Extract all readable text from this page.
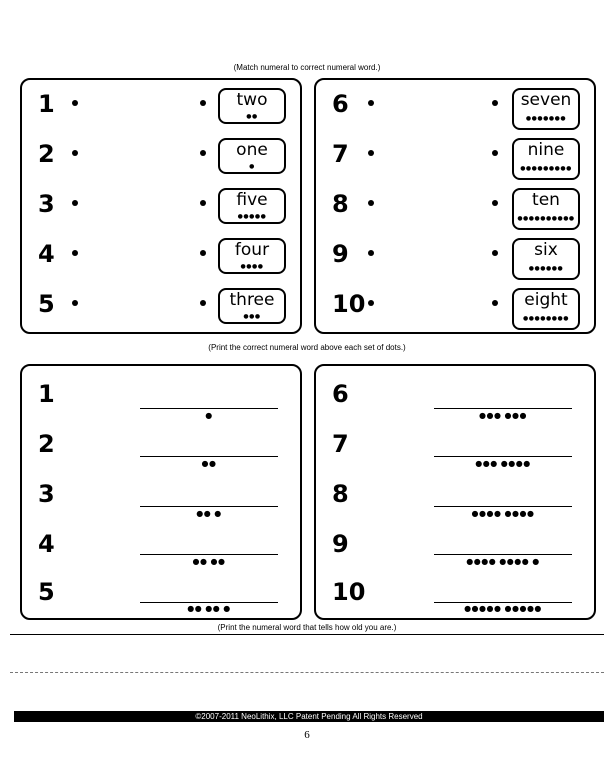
(Match numeral to correct numeral word.)
1
2
3
4
5
two
●●
one
●
five
●●●●●
four
●●●●
three
●●●
6
7
8
9
10
seven
●●●●●●●
nine
●●●●●●●●●
ten
●●●●●●●●●●
six
●●●●●●
eight
●●●●●●●●
(Print the correct numeral word above each set of dots.)
1
2
3
4
5
●
●●
●● ●
●● ●●
●● ●● ●
6
7
8
9
10
●●● ●●●
●●● ●●●●
●●●● ●●●●
●●●● ●●●● ●
●●●●● ●●●●●
(Print the numeral word that tells how old you are.)
©2007-2011 NeoLithix, LLC Patent Pending All Rights Reserved
6
